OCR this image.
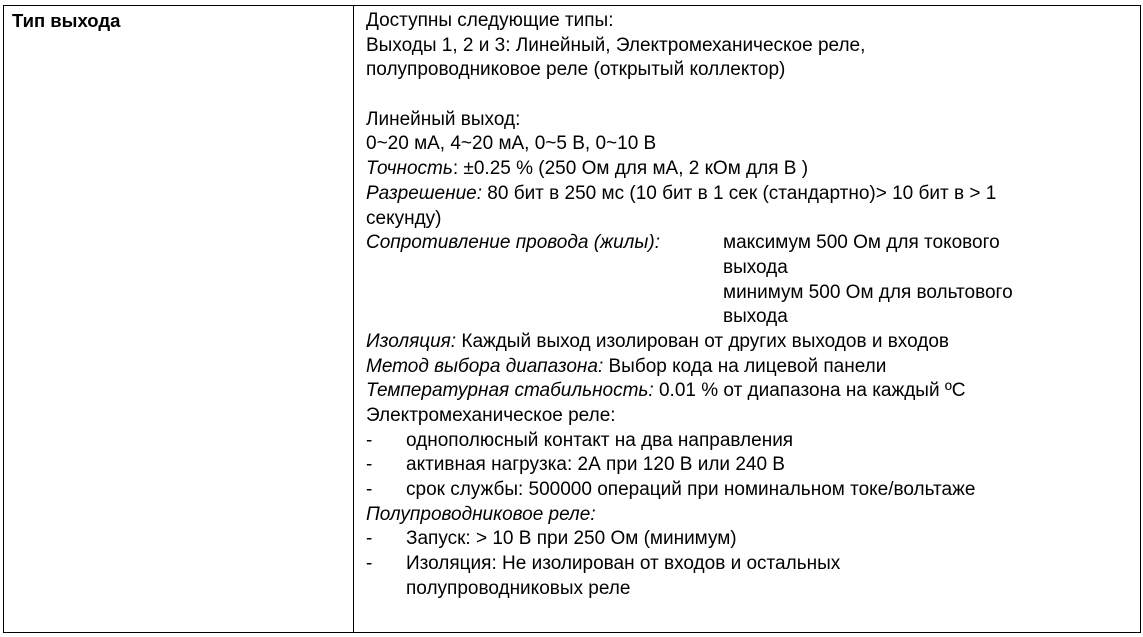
Тип выхода	Доступны следующие типы:
Выходы 1, 2 и 3: Линейный, Электромеханическое реле,
полупроводниковое реле (открытый коллектор)
Линейный выход:
0~20 мА, 4~20 мА, 0~5 В, 0~10 В
Точность: ±0.25 % (250 Ом для мА, 2 кОм для В )
Разрешение: 80 бит в 250 мс (10 бит в 1 сек (стандартно)> 10 бит в > 1
секунду)
Сопротивление провода (жилы):	максимум 500 Ом для токового
выхода
минимум 500 Ом для вольтового
выхода
Изоляция: Каждый выход изолирован от других выходов и входов
Метод выбора диапазона: Выбор кода на лицевой панели
Температурная стабильность: 0.01 % от диапазона на каждый ºС
Электромеханическое реле:
- однополюсный контакт на два направления
- активная нагрузка: 2А при 120 В или 240 В
- срок службы: 500000 операций при номинальном токе/вольтаже
Полупроводниковое реле:
- Запуск: > 10 В при 250 Ом (минимум)
- Изоляция: Не изолирован от входов и остальных
полупроводниковых реле
